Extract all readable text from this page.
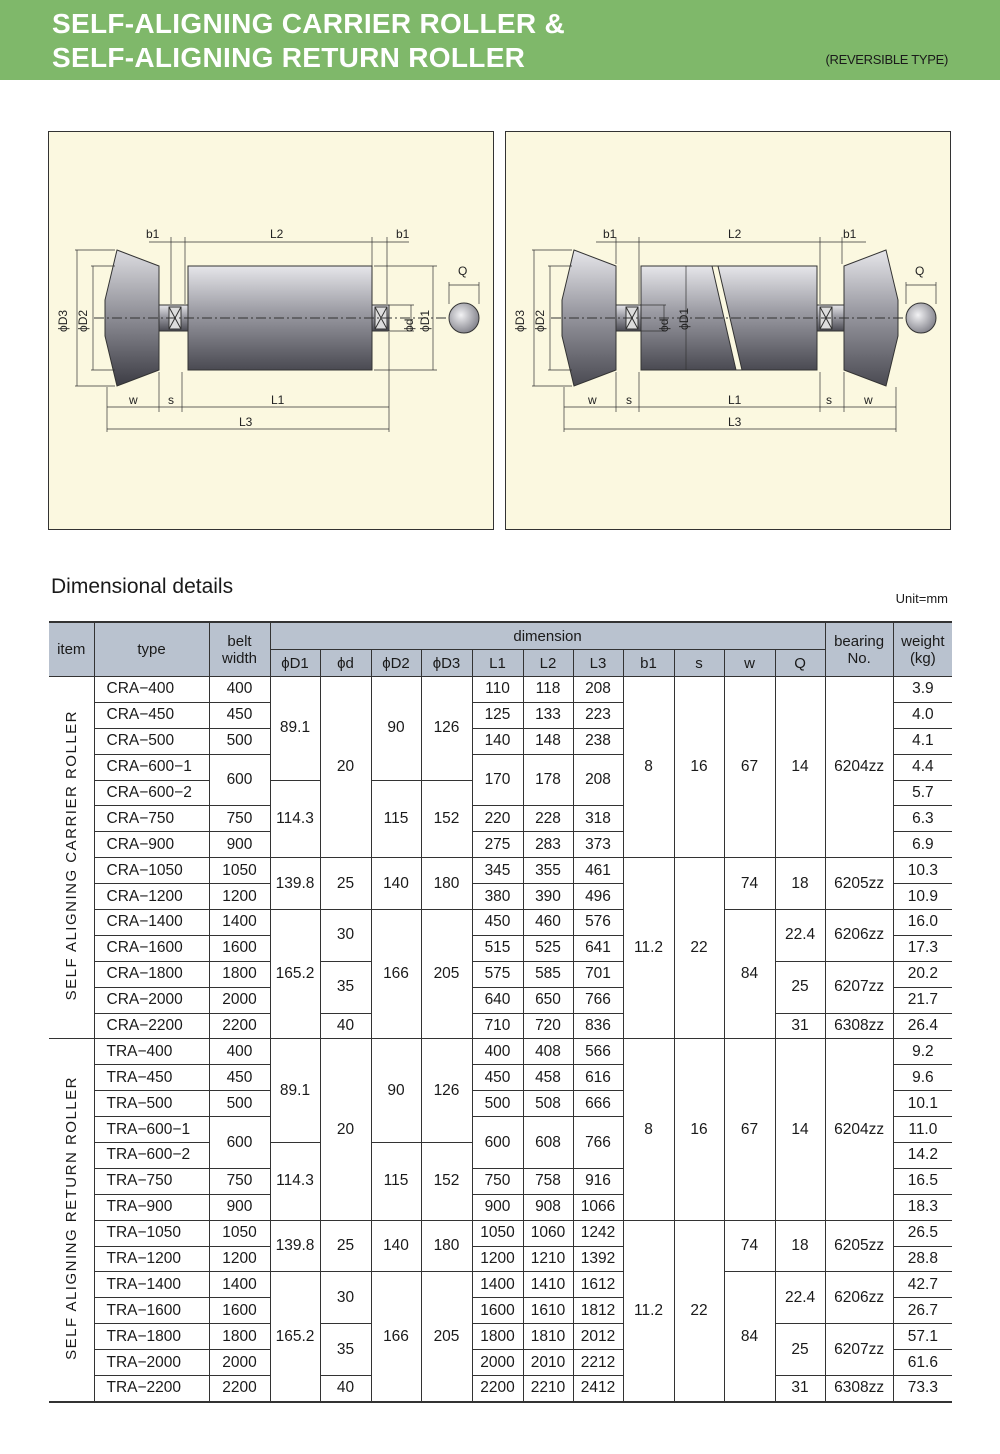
SELF-ALIGNING CARRIER ROLLER &
SELF-ALIGNING RETURN ROLLER	(REVERSIBLE TYPE)
Q
b1	L2	b1
ϕD3 ϕD2	ϕd ϕD1
w	s	L1
L3
Q
b1	L2	b1
ϕD3 ϕD2	ϕd ϕD1
w s	L1	s	w
L3
Dimensional details
Unit=mm
item	type	belt width	dimension											bearing No.	weight (kg)
			ϕD1	ϕd	ϕD2	ϕD3	L1	L2	L3	b1	s	w	Q		
SELF ALIGNING CARRIER ROLLER	CRA−400	400	89.1	20	90	126	110	118	208	8	16	67	14	6204zz	3.9
	CRA−450	450					125	133	223						4.0
	CRA−500	500					140	148	238						4.1
	CRA−600−1	600					170	178	208						4.4
	CRA−600−2		114.3		115	152									5.7
	CRA−750	750					220	228	318						6.3
	CRA−900	900					275	283	373						6.9
	CRA−1050	1050	139.8	25	140	180	345	355	461	11.2	22	74	18	6205zz	10.3
	CRA−1200	1200					380	390	496						10.9
	CRA−1400	1400	165.2	30	166	205	450	460	576			84	22.4	6206zz	16.0
	CRA−1600	1600					515	525	641						17.3
	CRA−1800	1800		35			575	585	701				25	6207zz	20.2
	CRA−2000	2000					640	650	766						21.7
	CRA−2200	2200		40			710	720	836				31	6308zz	26.4
SELF ALIGNING RETURN ROLLER	TRA−400	400	89.1	20	90	126	400	408	566	8	16	67	14	6204zz	9.2
	TRA−450	450					450	458	616						9.6
	TRA−500	500					500	508	666						10.1
	TRA−600−1	600					600	608	766						11.0
	TRA−600−2		114.3		115	152									14.2
	TRA−750	750					750	758	916						16.5
	TRA−900	900					900	908	1066						18.3
	TRA−1050	1050	139.8	25	140	180	1050	1060	1242	11.2	22	74	18	6205zz	26.5
	TRA−1200	1200					1200	1210	1392						28.8
	TRA−1400	1400	165.2	30	166	205	1400	1410	1612			84	22.4	6206zz	42.7
	TRA−1600	1600					1600	1610	1812						26.7
	TRA−1800	1800		35			1800	1810	2012				25	6207zz	57.1
	TRA−2000	2000					2000	2010	2212						61.6
	TRA−2200	2200		40			2200	2210	2412				31	6308zz	73.3
